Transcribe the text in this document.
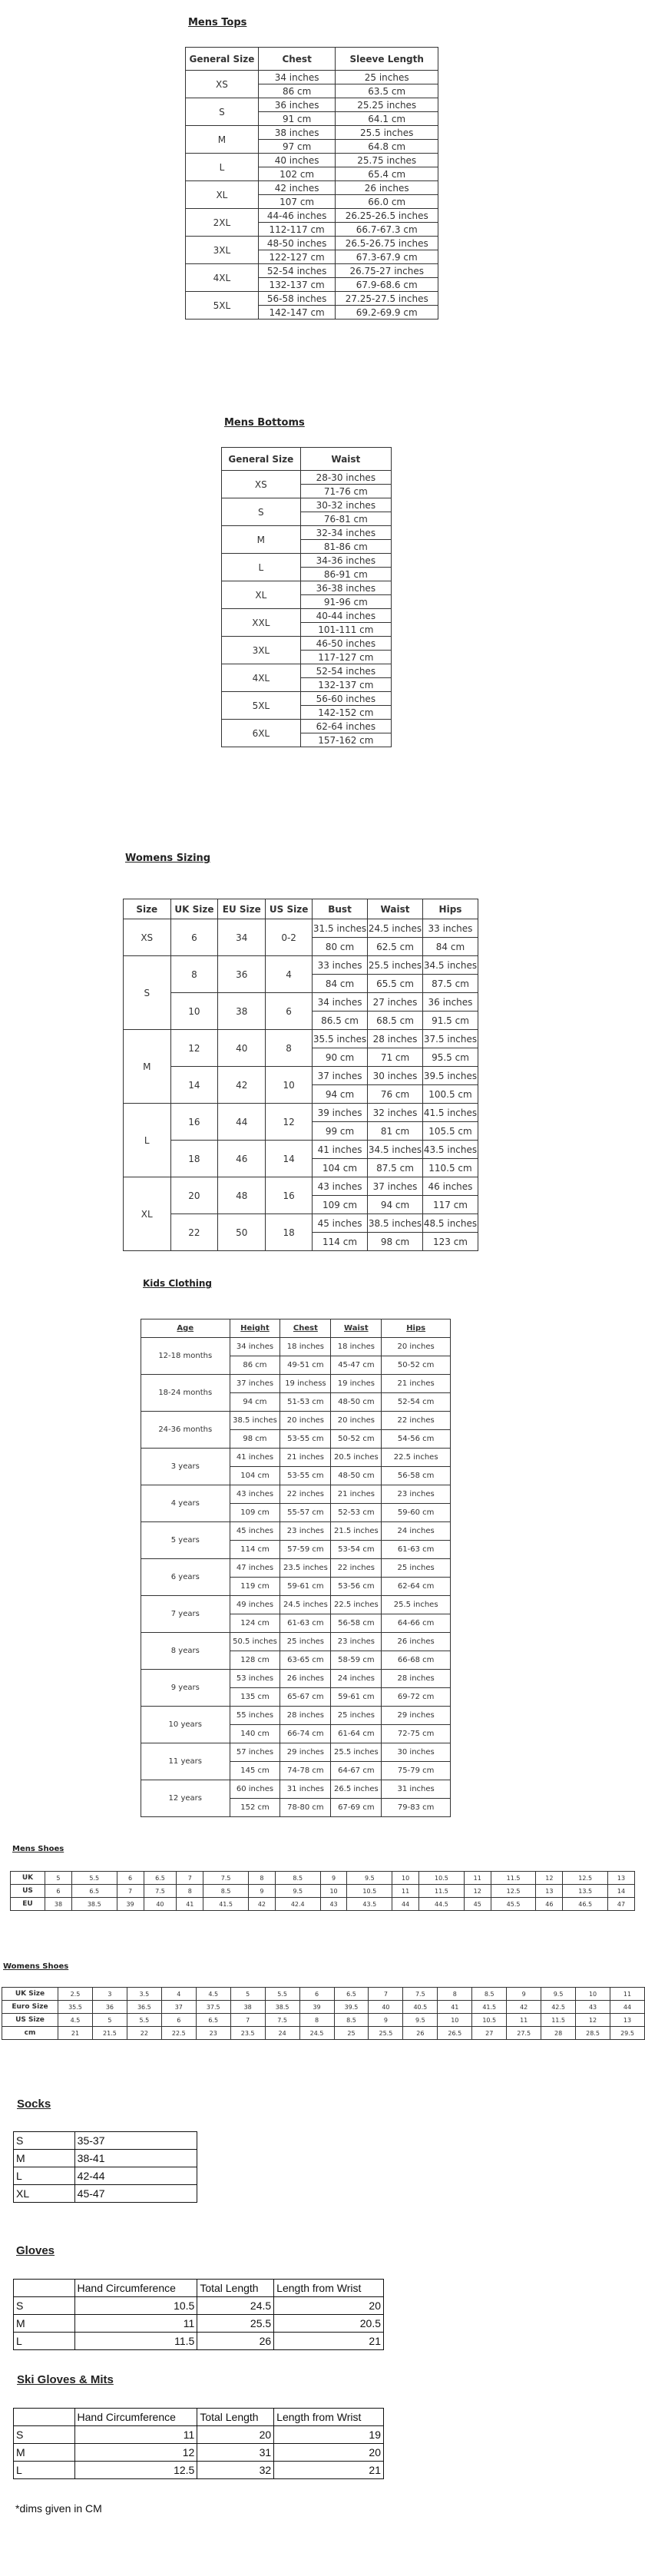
Mens Tops
General Size	Chest	Sleeve Length
XS	34 inches	25 inches
	86 cm	63.5 cm
S	36 inches	25.25 inches
	91 cm	64.1 cm
M	38 inches	25.5 inches
	97 cm	64.8 cm
L	40 inches	25.75 inches
	102 cm	65.4 cm
XL	42 inches	26 inches
	107 cm	66.0 cm
2XL	44-46 inches	26.25-26.5 inches
	112-117 cm	66.7-67.3 cm
3XL	48-50 inches	26.5-26.75 inches
	122-127 cm	67.3-67.9 cm
4XL	52-54 inches	26.75-27 inches
	132-137 cm	67.9-68.6 cm
5XL	56-58 inches	27.25-27.5 inches
	142-147 cm	69.2-69.9 cm
Mens Bottoms
General Size	Waist
XS	28-30 inches
	71-76 cm
S	30-32 inches
	76-81 cm
M	32-34 inches
	81-86 cm
L	34-36 inches
	86-91 cm
XL	36-38 inches
	91-96 cm
XXL	40-44 inches
	101-111 cm
3XL	46-50 inches
	117-127 cm
4XL	52-54 inches
	132-137 cm
5XL	56-60 inches
	142-152 cm
6XL	62-64 inches
	157-162 cm
Womens Sizing
Size	UK Size	EU Size	US Size	Bust	Waist	Hips
XS	6	34	0-2	31.5 inches	24.5 inches	33 inches
				80 cm	62.5 cm	84 cm
S	8	36	4	33 inches	25.5 inches	34.5 inches
				84 cm	65.5 cm	87.5 cm
	10	38	6	34 inches	27 inches	36 inches
				86.5 cm	68.5 cm	91.5 cm
M	12	40	8	35.5 inches	28 inches	37.5 inches
				90 cm	71 cm	95.5 cm
	14	42	10	37 inches	30 inches	39.5 inches
				94 cm	76 cm	100.5 cm
L	16	44	12	39 inches	32 inches	41.5 inches
				99 cm	81 cm	105.5 cm
	18	46	14	41 inches	34.5 inches	43.5 inches
				104 cm	87.5 cm	110.5 cm
XL	20	48	16	43 inches	37 inches	46 inches
				109 cm	94 cm	117 cm
	22	50	18	45 inches	38.5 inches	48.5 inches
				114 cm	98 cm	123 cm
Kids Clothing
Age	Height	Chest	Waist	Hips
12-18 months	34 inches	18 inches	18 inches	20 inches
	86 cm	49-51 cm	45-47 cm	50-52 cm
18-24 months	37 inches	19 inchess	19 inches	21 inches
	94 cm	51-53 cm	48-50 cm	52-54 cm
24-36 months	38.5 inches	20 inches	20 inches	22 inches
	98 cm	53-55 cm	50-52 cm	54-56 cm
3 years	41 inches	21 inches	20.5 inches	22.5 inches
	104 cm	53-55 cm	48-50 cm	56-58 cm
4 years	43 inches	22 inches	21 inches	23 inches
	109 cm	55-57 cm	52-53 cm	59-60 cm
5 years	45 inches	23 inches	21.5 inches	24 inches
	114 cm	57-59 cm	53-54 cm	61-63 cm
6 years	47 inches	23.5 inches	22 inches	25 inches
	119 cm	59-61 cm	53-56 cm	62-64 cm
7 years	49 inches	24.5 inches	22.5 inches	25.5 inches
	124 cm	61-63 cm	56-58 cm	64-66 cm
8 years	50.5 inches	25 inches	23 inches	26 inches
	128 cm	63-65 cm	58-59 cm	66-68 cm
9 years	53 inches	26 inches	24 inches	28 inches
	135 cm	65-67 cm	59-61 cm	69-72 cm
10 years	55 inches	28 inches	25 inches	29 inches
	140 cm	66-74 cm	61-64 cm	72-75 cm
11 years	57 inches	29 inches	25.5 inches	30 inches
	145 cm	74-78 cm	64-67 cm	75-79 cm
12 years	60 inches	31 inches	26.5 inches	31 inches
	152 cm	78-80 cm	67-69 cm	79-83 cm
Mens Shoes
UK	5	5.5	6	6.5	7	7.5	8	8.5	9	9.5	10	10.5	11	11.5	12	12.5	13
US	6	6.5	7	7.5	8	8.5	9	9.5	10	10.5	11	11.5	12	12.5	13	13.5	14
EU	38	38.5	39	40	41	41.5	42	42.4	43	43.5	44	44.5	45	45.5	46	46.5	47
Womens Shoes
UK Size	2.5	3	3.5	4	4.5	5	5.5	6	6.5	7	7.5	8	8.5	9	9.5	10	11
Euro Size	35.5	36	36.5	37	37.5	38	38.5	39	39.5	40	40.5	41	41.5	42	42.5	43	44
US Size	4.5	5	5.5	6	6.5	7	7.5	8	8.5	9	9.5	10	10.5	11	11.5	12	13
cm	21	21.5	22	22.5	23	23.5	24	24.5	25	25.5	26	26.5	27	27.5	28	28.5	29.5
Socks
S	35-37
M	38-41
L	42-44
XL	45-47
Gloves
	Hand Circumference	Total Length	Length from Wrist
S	10.5	24.5	20
M	11	25.5	20.5
L	11.5	26	21
Ski Gloves & Mits
	Hand Circumference	Total Length	Length from Wrist
S	11	20	19
M	12	31	20
L	12.5	32	21
*dims given in CM
